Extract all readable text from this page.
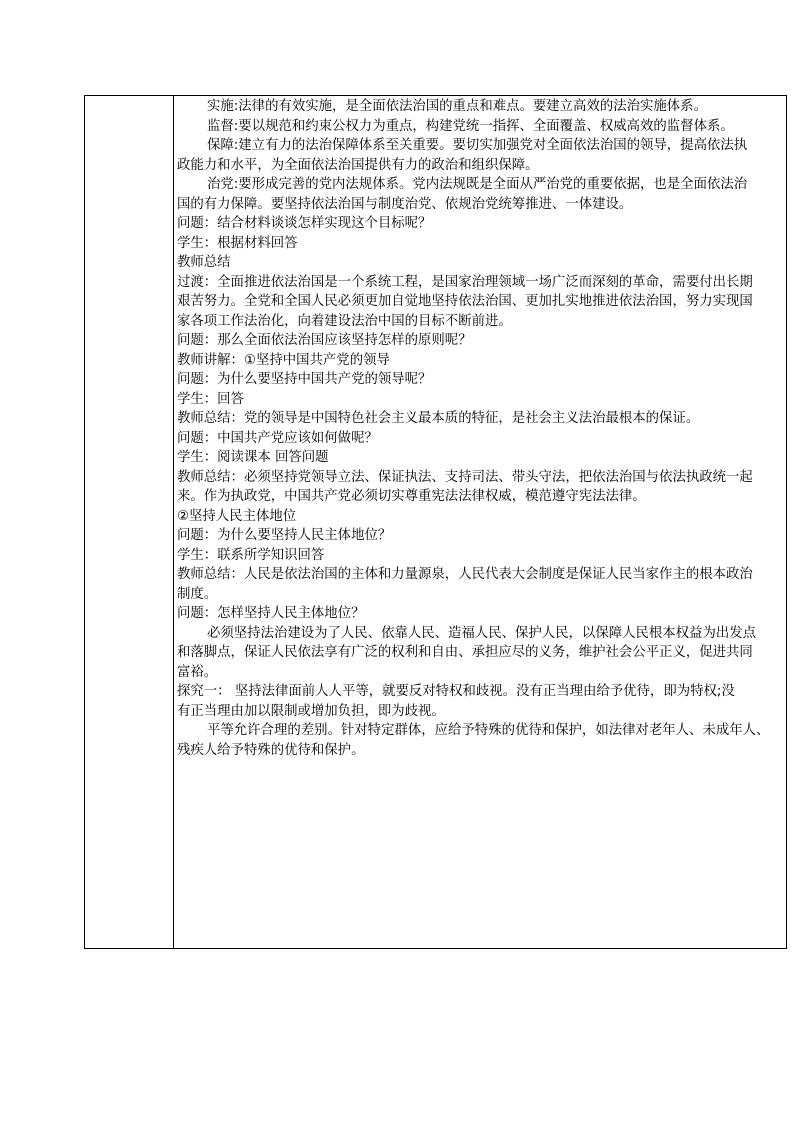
实施:法律的有效实施，是全面依法治国的重点和难点。要建立高效的法治实施体系。
监督:要以规范和约束公权力为重点，构建党统一指挥、全面覆盖、权威高效的监督体系。
保障:建立有力的法治保障体系至关重要。要切实加强党对全面依法治国的领导，提高依法执
政能力和水平，为全面依法治国提供有力的政治和组织保障。
治党:要形成完善的党内法规体系。党内法规既是全面从严治党的重要依据，也是全面依法治
国的有力保障。要坚持依法治国与制度治党、依规治党统筹推进、一体建设。
问题：结合材料谈谈怎样实现这个目标呢？
学生：根据材料回答
教师总结
过渡：全面推进依法治国是一个系统工程，是国家治理领域一场广泛而深刻的革命，需要付出长期
艰苦努力。全党和全国人民必须更加自觉地坚持依法治国、更加扎实地推进依法治国，努力实现国
家各项工作法治化，向着建设法治中国的目标不断前进。
问题：那么全面依法治国应该坚持怎样的原则呢？
教师讲解：①坚持中国共产党的领导
问题：为什么要坚持中国共产党的领导呢？
学生：回答
教师总结：党的领导是中国特色社会主义最本质的特征，是社会主义法治最根本的保证。
问题：中国共产党应该如何做呢？
学生：阅读课本 回答问题
教师总结：必须坚持党领导立法、保证执法、支持司法、带头守法，把依法治国与依法执政统一起
来。作为执政党，中国共产党必须切实尊重宪法法律权威，模范遵守宪法法律。
②坚持人民主体地位
问题：为什么要坚持人民主体地位？
学生：联系所学知识回答
教师总结：人民是依法治国的主体和力量源泉，人民代表大会制度是保证人民当家作主的根本政治
制度。
问题：怎样坚持人民主体地位？
必须坚持法治建设为了人民、依靠人民、造福人民、保护人民，以保障人民根本权益为出发点
和落脚点，保证人民依法享有广泛的权利和自由、承担应尽的义务，维护社会公平正义，促进共同
富裕。
探究一： 坚持法律面前人人平等，就要反对特权和歧视。没有正当理由给予优待，即为特权;没
有正当理由加以限制或增加负担，即为歧视。
平等允许合理的差别。针对特定群体，应给予特殊的优待和保护，如法律对老年人、未成年人、
残疾人给予特殊的优待和保护。
